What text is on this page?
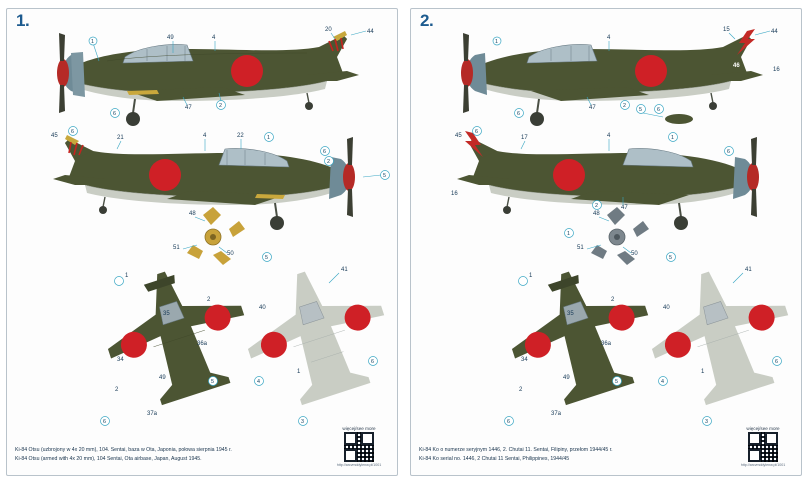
1.
1
49	4
20	44
47	2
6
45
6
21	4	22	1
6
2
5
48
51
50
1
2
35
36a
49
34
2
37a
6
5
41
5
40
1
4
6
3
Ki-84 Otsu (uzbrojony w 4x 20 mm), 104. Sentai, baza w Ota, Japonia, połowa sierpnia 1945 r.
Ki-84 Otsu (armed with 4x 20 mm), 104 Sentai, Ota airbase, Japan, August 1945.
więcej/see more
http://arcvmddylenw.pl/1001
2.
46
1
4
15	44
16
47	2
6
5	6
46
45
6
17	4
16
47
1
6
2
48
51
50
1
1
2
35
36a
49
34
2
37a
6
5
41
5
40
1
4
6
3
Ki-84 Ko o numerze seryjnym 1446, 2. Chutai 11. Sentai, Filipiny, przełom 1944/45 r.
Ki-84 Ko serial no. 1446, 2 Chutai 11 Sentai, Philippines, 1944/45
więcej/see more
http://arcvmddylenw.pl/1001
